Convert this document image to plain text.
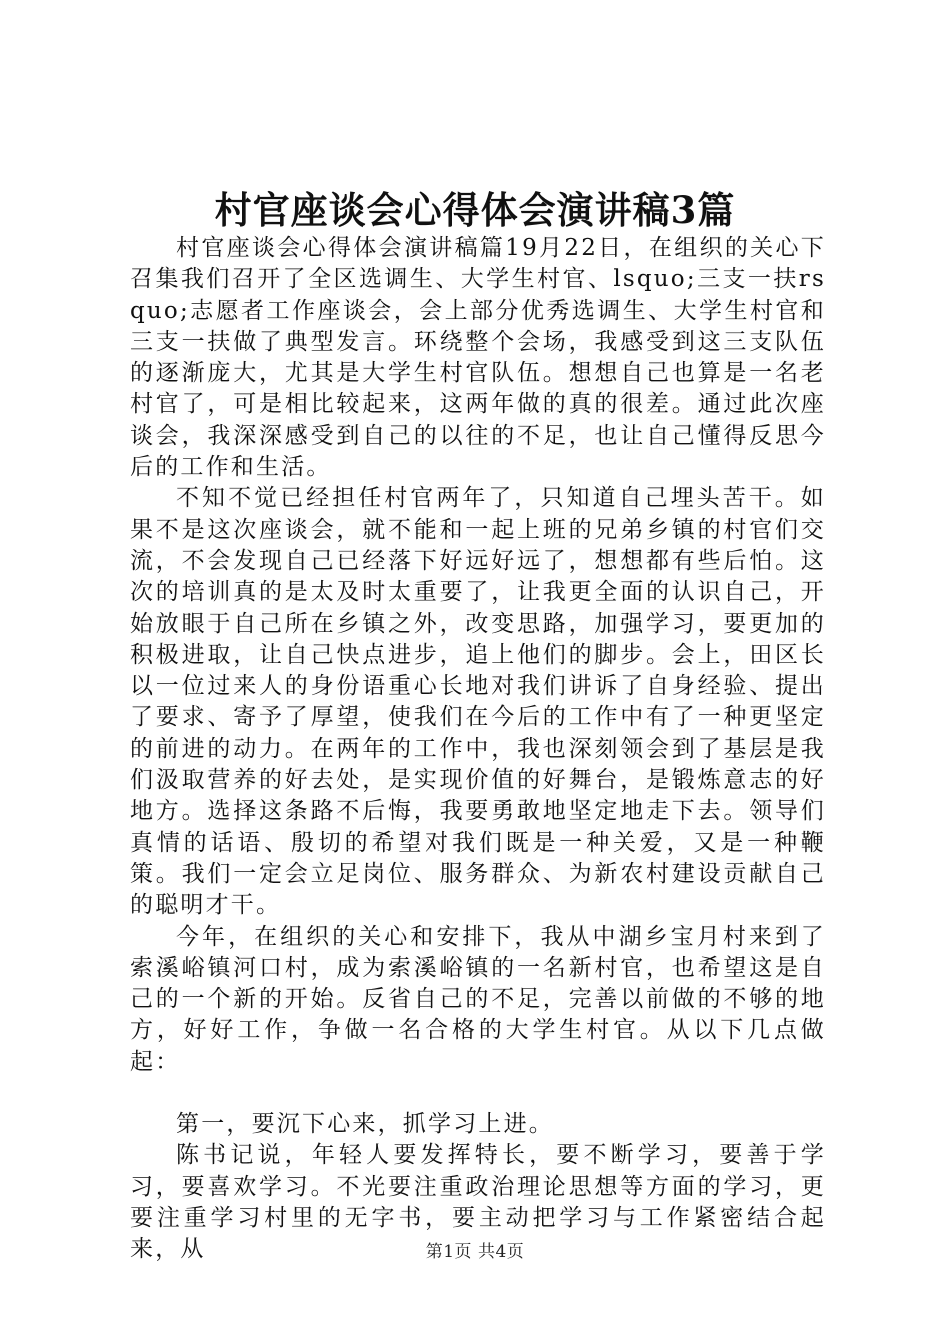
村官座谈会心得体会演讲稿3篇

村官座谈会心得体会演讲稿篇19月22日，在组织的关心下召集我们召开了全区选调生、大学生村官、lsquo;三支一扶rsquo;志愿者工作座谈会，会上部分优秀选调生、大学生村官和三支一扶做了典型发言。环绕整个会场，我感受到这三支队伍的逐渐庞大，尤其是大学生村官队伍。想想自己也算是一名老村官了，可是相比较起来，这两年做的真的很差。通过此次座谈会，我深深感受到自己的以往的不足，也让自己懂得反思今后的工作和生活。

不知不觉已经担任村官两年了，只知道自己埋头苦干。如果不是这次座谈会，就不能和一起上班的兄弟乡镇的村官们交流，不会发现自己已经落下好远好远了，想想都有些后怕。这次的培训真的是太及时太重要了，让我更全面的认识自己，开始放眼于自己所在乡镇之外，改变思路，加强学习，要更加的积极进取，让自己快点进步，追上他们的脚步。会上，田区长以一位过来人的身份语重心长地对我们讲诉了自身经验、提出了要求、寄予了厚望，使我们在今后的工作中有了一种更坚定的前进的动力。在两年的工作中，我也深刻领会到了基层是我们汲取营养的好去处，是实现价值的好舞台，是锻炼意志的好地方。选择这条路不后悔，我要勇敢地坚定地走下去。领导们真情的话语、殷切的希望对我们既是一种关爱，又是一种鞭策。我们一定会立足岗位、服务群众、为新农村建设贡献自己的聪明才干。

今年，在组织的关心和安排下，我从中湖乡宝月村来到了索溪峪镇河口村，成为索溪峪镇的一名新村官，也希望这是自己的一个新的开始。反省自己的不足，完善以前做的不够的地方，好好工作，争做一名合格的大学生村官。从以下几点做起：

第一，要沉下心来，抓学习上进。

陈书记说，年轻人要发挥特长，要不断学习，要善于学习，要喜欢学习。不光要注重政治理论思想等方面的学习，更要注重学习村里的无字书，要主动把学习与工作紧密结合起来，从	第1页 共4页
